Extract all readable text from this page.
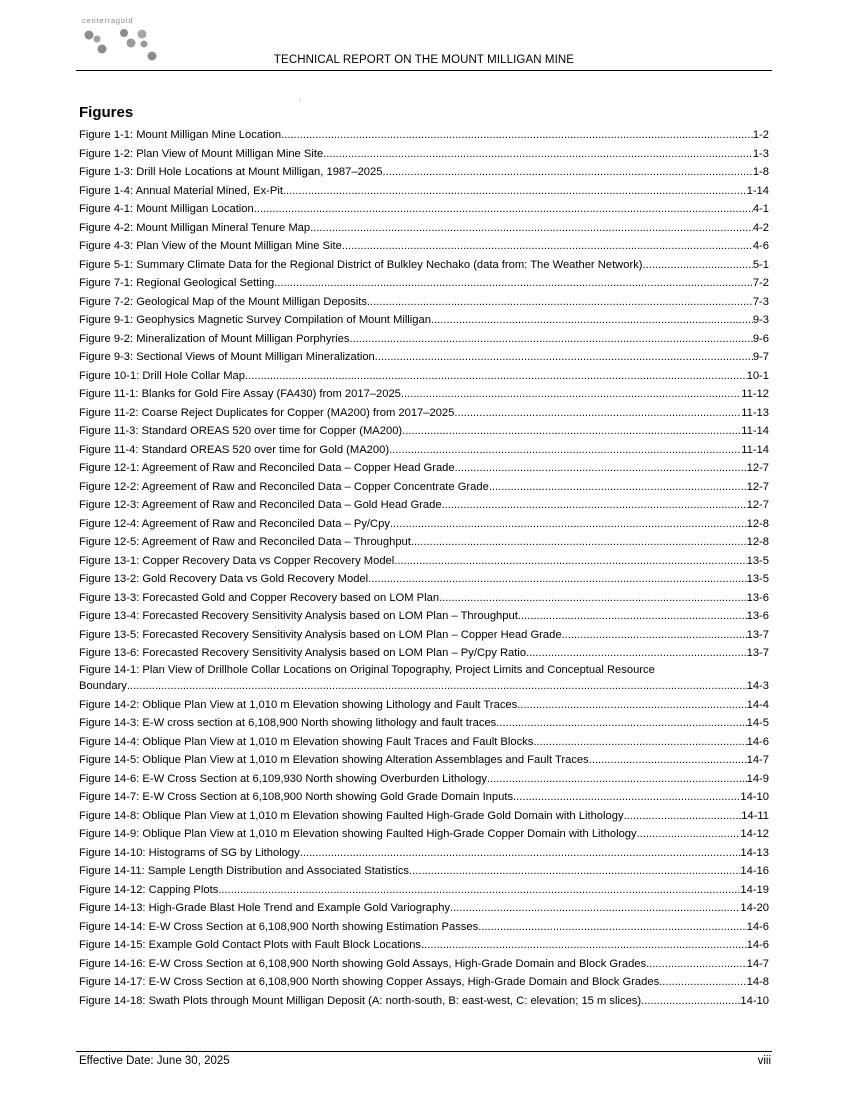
centerragold
TECHNICAL REPORT ON THE MOUNT MILLIGAN MINE
Figures
Figure 1-1: Mount Milligan Mine Location .....	1-2
Figure 1-2: Plan View of Mount Milligan Mine Site .....	1-3
Figure 1-3: Drill Hole Locations at Mount Milligan, 1987–2025 .....	1-8
Figure 1-4: Annual Material Mined, Ex-Pit .....	1-14
Figure 4-1: Mount Milligan Location .....	4-1
Figure 4-2: Mount Milligan Mineral Tenure Map .....	4-2
Figure 4-3: Plan View of the Mount Milligan Mine Site .....	4-6
Figure 5-1: Summary Climate Data for the Regional District of Bulkley Nechako (data from: The Weather Network) .....	5-1
Figure 7-1: Regional Geological Setting .....	7-2
Figure 7-2: Geological Map of the Mount Milligan Deposits .....	7-3
Figure 9-1: Geophysics Magnetic Survey Compilation of Mount Milligan .....	9-3
Figure 9-2: Mineralization of Mount Milligan Porphyries .....	9-6
Figure 9-3: Sectional Views of Mount Milligan Mineralization .....	9-7
Figure 10-1: Drill Hole Collar Map .....	10-1
Figure 11-1: Blanks for Gold Fire Assay (FA430) from 2017–2025 .....	11-12
Figure 11-2: Coarse Reject Duplicates for Copper (MA200) from 2017–2025 .....	11-13
Figure 11-3: Standard OREAS 520 over time for Copper (MA200) .....	11-14
Figure 11-4: Standard OREAS 520 over time for Gold (MA200) .....	11-14
Figure 12-1: Agreement of Raw and Reconciled Data – Copper Head Grade .....	12-7
Figure 12-2: Agreement of Raw and Reconciled Data – Copper Concentrate Grade .....	12-7
Figure 12-3: Agreement of Raw and Reconciled Data – Gold Head Grade .....	12-7
Figure 12-4: Agreement of Raw and Reconciled Data – Py/Cpy .....	12-8
Figure 12-5: Agreement of Raw and Reconciled Data – Throughput .....	12-8
Figure 13-1: Copper Recovery Data vs Copper Recovery Model .....	13-5
Figure 13-2: Gold Recovery Data vs Gold Recovery Model .....	13-5
Figure 13-3: Forecasted Gold and Copper Recovery based on LOM Plan .....	13-6
Figure 13-4: Forecasted Recovery Sensitivity Analysis based on LOM Plan – Throughput .....	13-6
Figure 13-5: Forecasted Recovery Sensitivity Analysis based on LOM Plan – Copper Head Grade .....	13-7
Figure 13-6: Forecasted Recovery Sensitivity Analysis based on LOM Plan – Py/Cpy Ratio .....	13-7
Figure 14-1: Plan View of Drillhole Collar Locations on Original Topography, Project Limits and Conceptual Resource
Boundary .....	14-3
Figure 14-2: Oblique Plan View at 1,010 m Elevation showing Lithology and Fault Traces .....	14-4
Figure 14-3: E-W cross section at 6,108,900 North showing lithology and fault traces .....	14-5
Figure 14-4: Oblique Plan View at 1,010 m Elevation showing Fault Traces and Fault Blocks .....	14-6
Figure 14-5: Oblique Plan View at 1,010 m Elevation showing Alteration Assemblages and Fault Traces .....	14-7
Figure 14-6: E-W Cross Section at 6,109,930 North showing Overburden Lithology .....	14-9
Figure 14-7: E-W Cross Section at 6,108,900 North showing Gold Grade Domain Inputs .....	14-10
Figure 14-8: Oblique Plan View at 1,010 m Elevation showing Faulted High-Grade Gold Domain with Lithology .....	14-11
Figure 14-9: Oblique Plan View at 1,010 m Elevation showing Faulted High-Grade Copper Domain with Lithology .....	14-12
Figure 14-10: Histograms of SG by Lithology .....	14-13
Figure 14-11: Sample Length Distribution and Associated Statistics .....	14-16
Figure 14-12: Capping Plots .....	14-19
Figure 14-13: High-Grade Blast Hole Trend and Example Gold Variography .....	14-20
Figure 14-14: E-W Cross Section at 6,108,900 North showing Estimation Passes .....	14-6
Figure 14-15: Example Gold Contact Plots with Fault Block Locations .....	14-6
Figure 14-16: E-W Cross Section at 6,108,900 North showing Gold Assays, High-Grade Domain and Block Grades .....	14-7
Figure 14-17: E-W Cross Section at 6,108,900 North showing Copper Assays, High-Grade Domain and Block Grades .....	14-8
Figure 14-18: Swath Plots through Mount Milligan Deposit (A: north-south, B: east-west, C: elevation; 15 m slices) .....	14-10
Effective Date: June 30, 2025	viii
